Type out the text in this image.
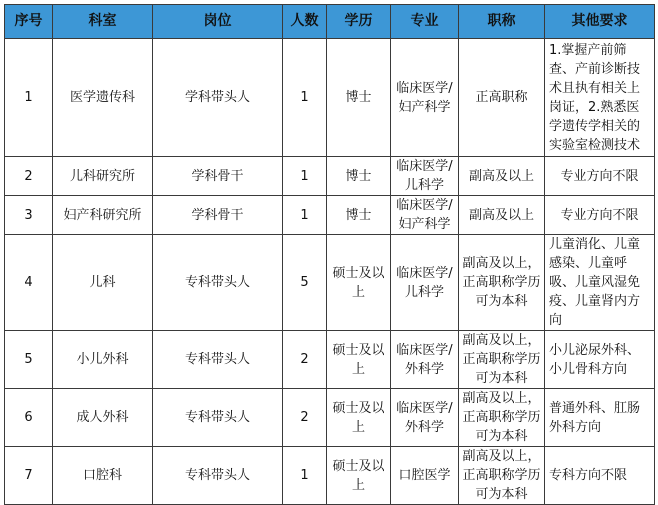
序号	科室	岗位	人数	学历	专业	职称	其他要求
1	医学遗传科	学科带头人	1	博士	临床医学/妇产科学	正高职称	1.掌握产前筛查、产前诊断技术且执有相关上岗证，2.熟悉医学遗传学相关的实验室检测技术
2	儿科研究所	学科骨干	1	博士	临床医学/儿科学	副高及以上	专业方向不限
3	妇产科研究所	学科骨干	1	博士	临床医学/妇产科学	副高及以上	专业方向不限
4	儿科	专科带头人	5	硕士及以上	临床医学/儿科学	副高及以上，正高职称学历可为本科	儿童消化、儿童感染、儿童呼吸、儿童风湿免疫、儿童肾内方向
5	小儿外科	专科带头人	2	硕士及以上	临床医学/外科学	副高及以上，正高职称学历可为本科	小儿泌尿外科、小儿骨科方向
6	成人外科	专科带头人	2	硕士及以上	临床医学/外科学	副高及以上，正高职称学历可为本科	普通外科、肛肠外科方向
7	口腔科	专科带头人	1	硕士及以上	口腔医学	副高及以上，正高职称学历可为本科	专科方向不限
